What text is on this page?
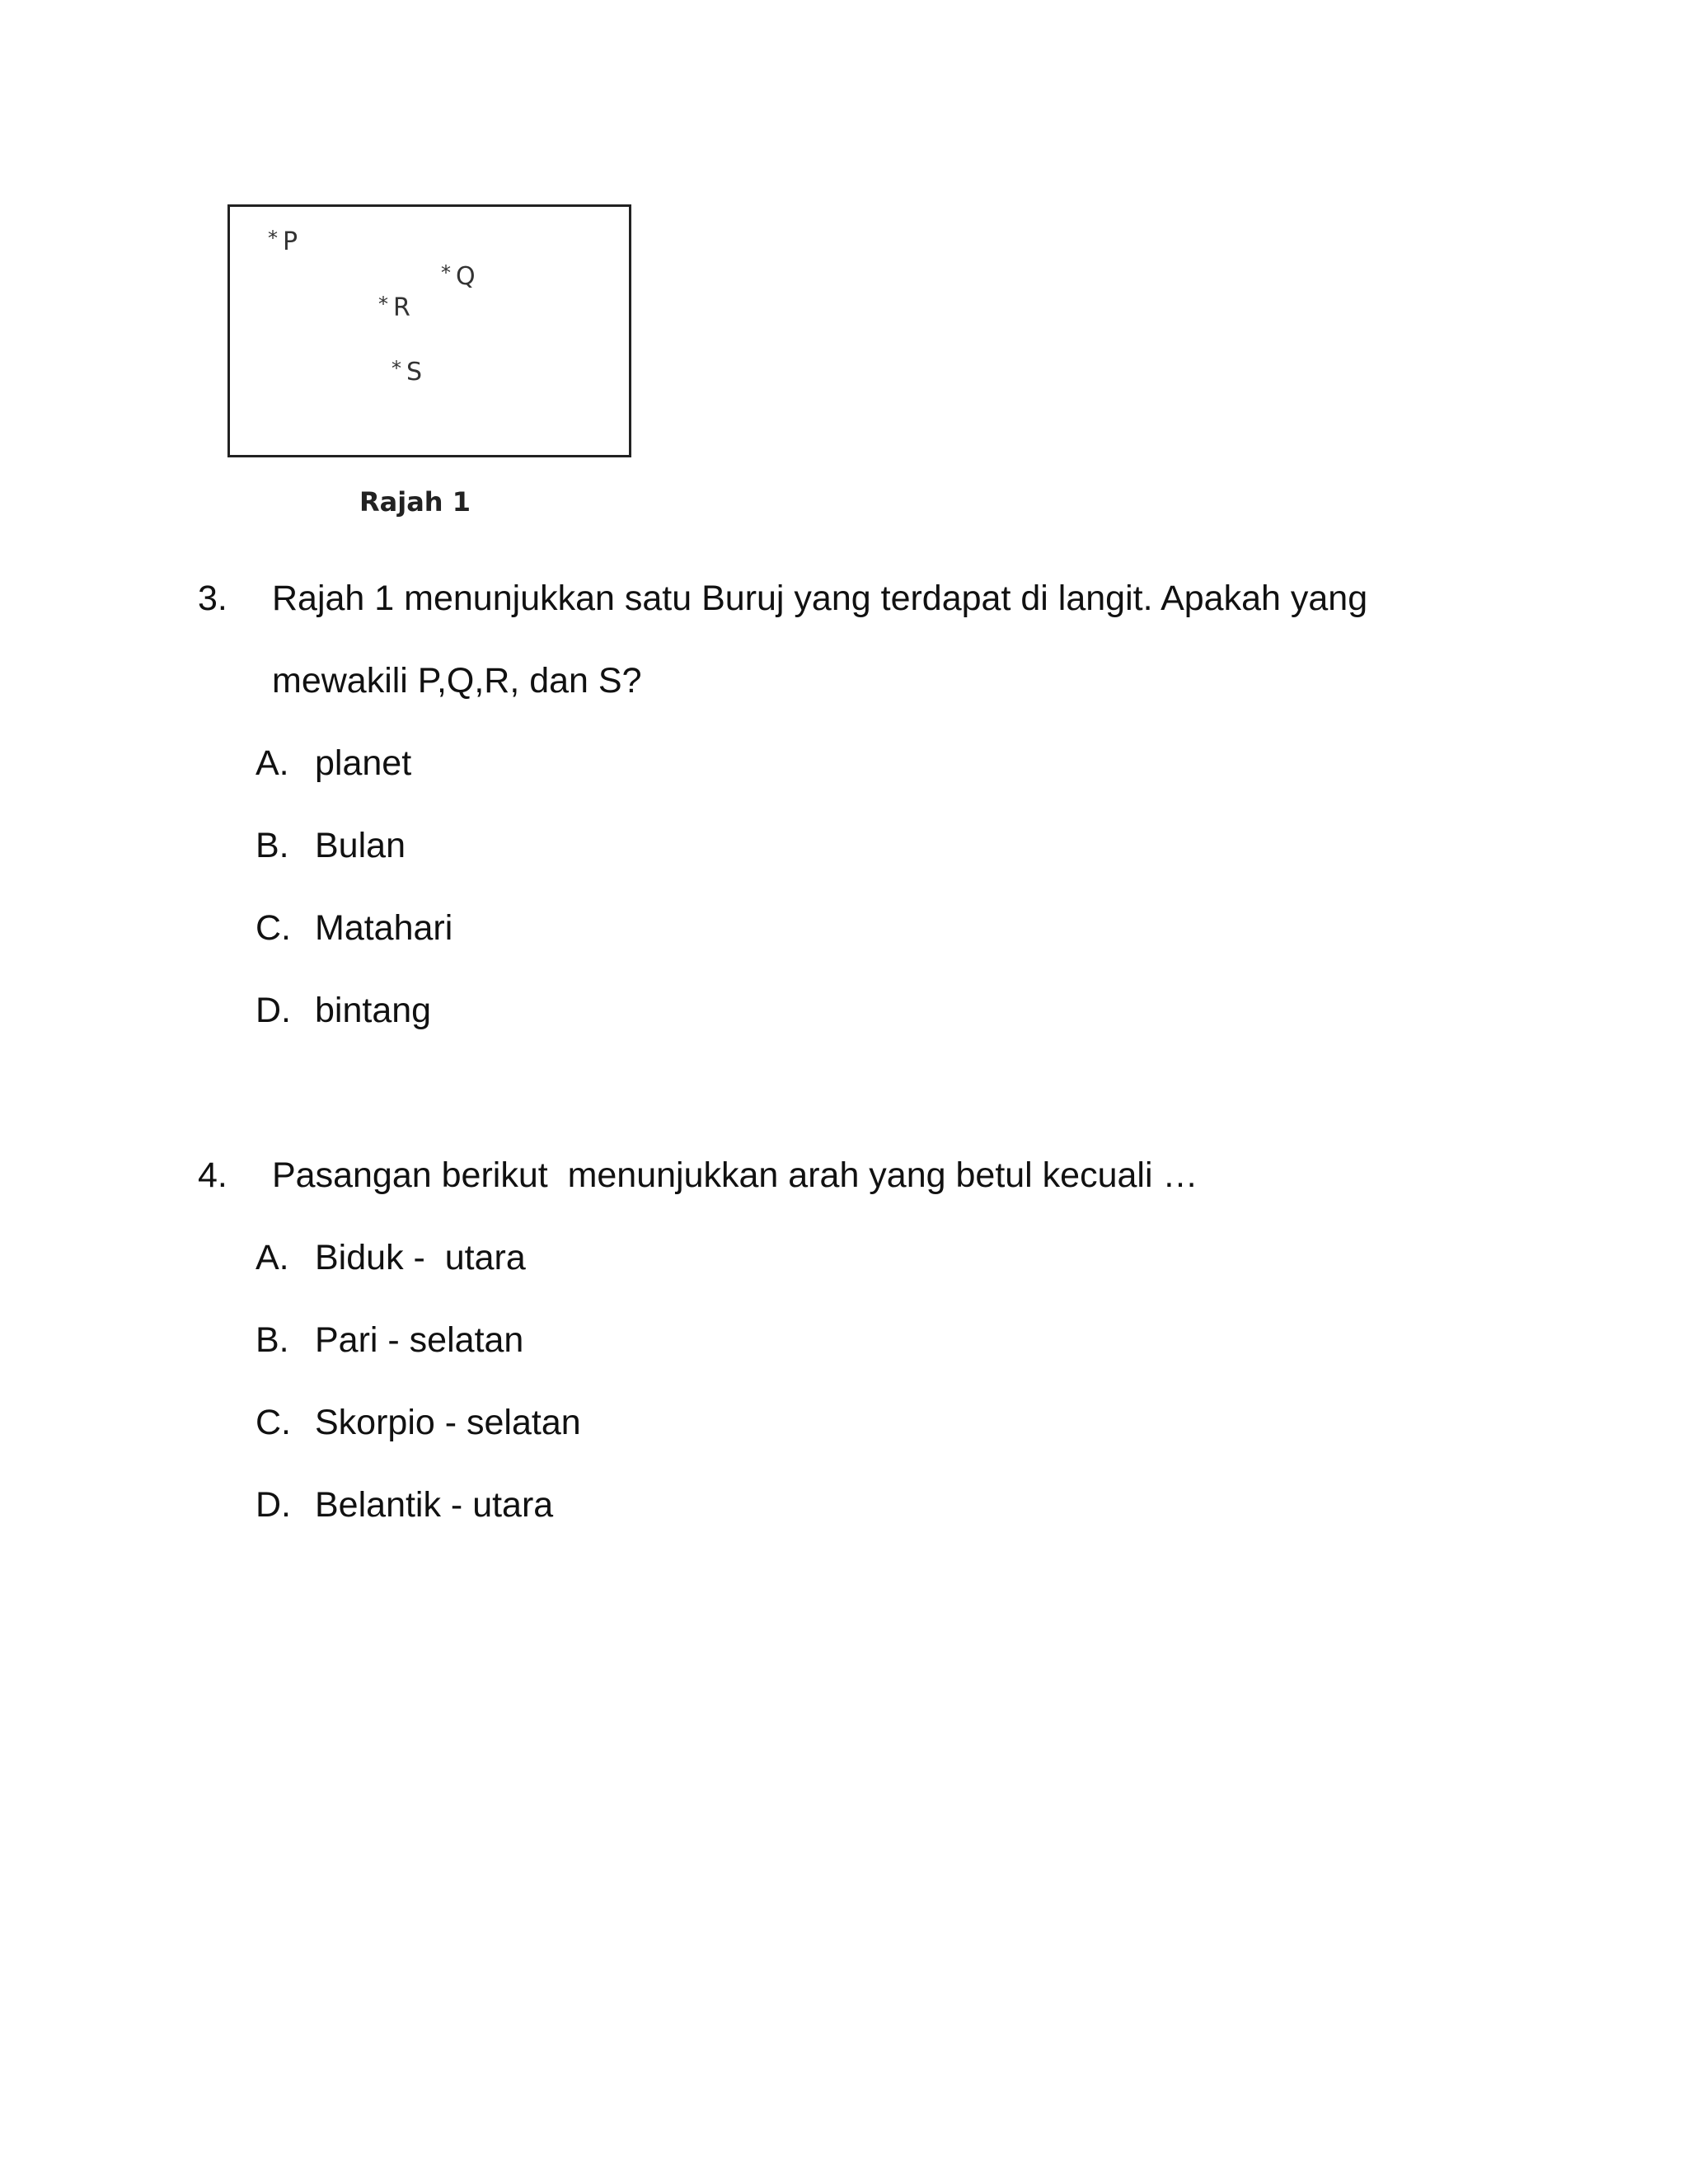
* P
* Q
* R
* S
Rajah 1
3. Rajah 1 menunjukkan satu Buruj yang terdapat di langit. Apakah yang
mewakili P,Q,R, dan S?
A. planet
B. Bulan
C. Matahari
D. bintang
4. Pasangan berikut  menunjukkan arah yang betul kecuali …
A. Biduk -  utara
B. Pari - selatan
C. Skorpio - selatan
D. Belantik - utara
